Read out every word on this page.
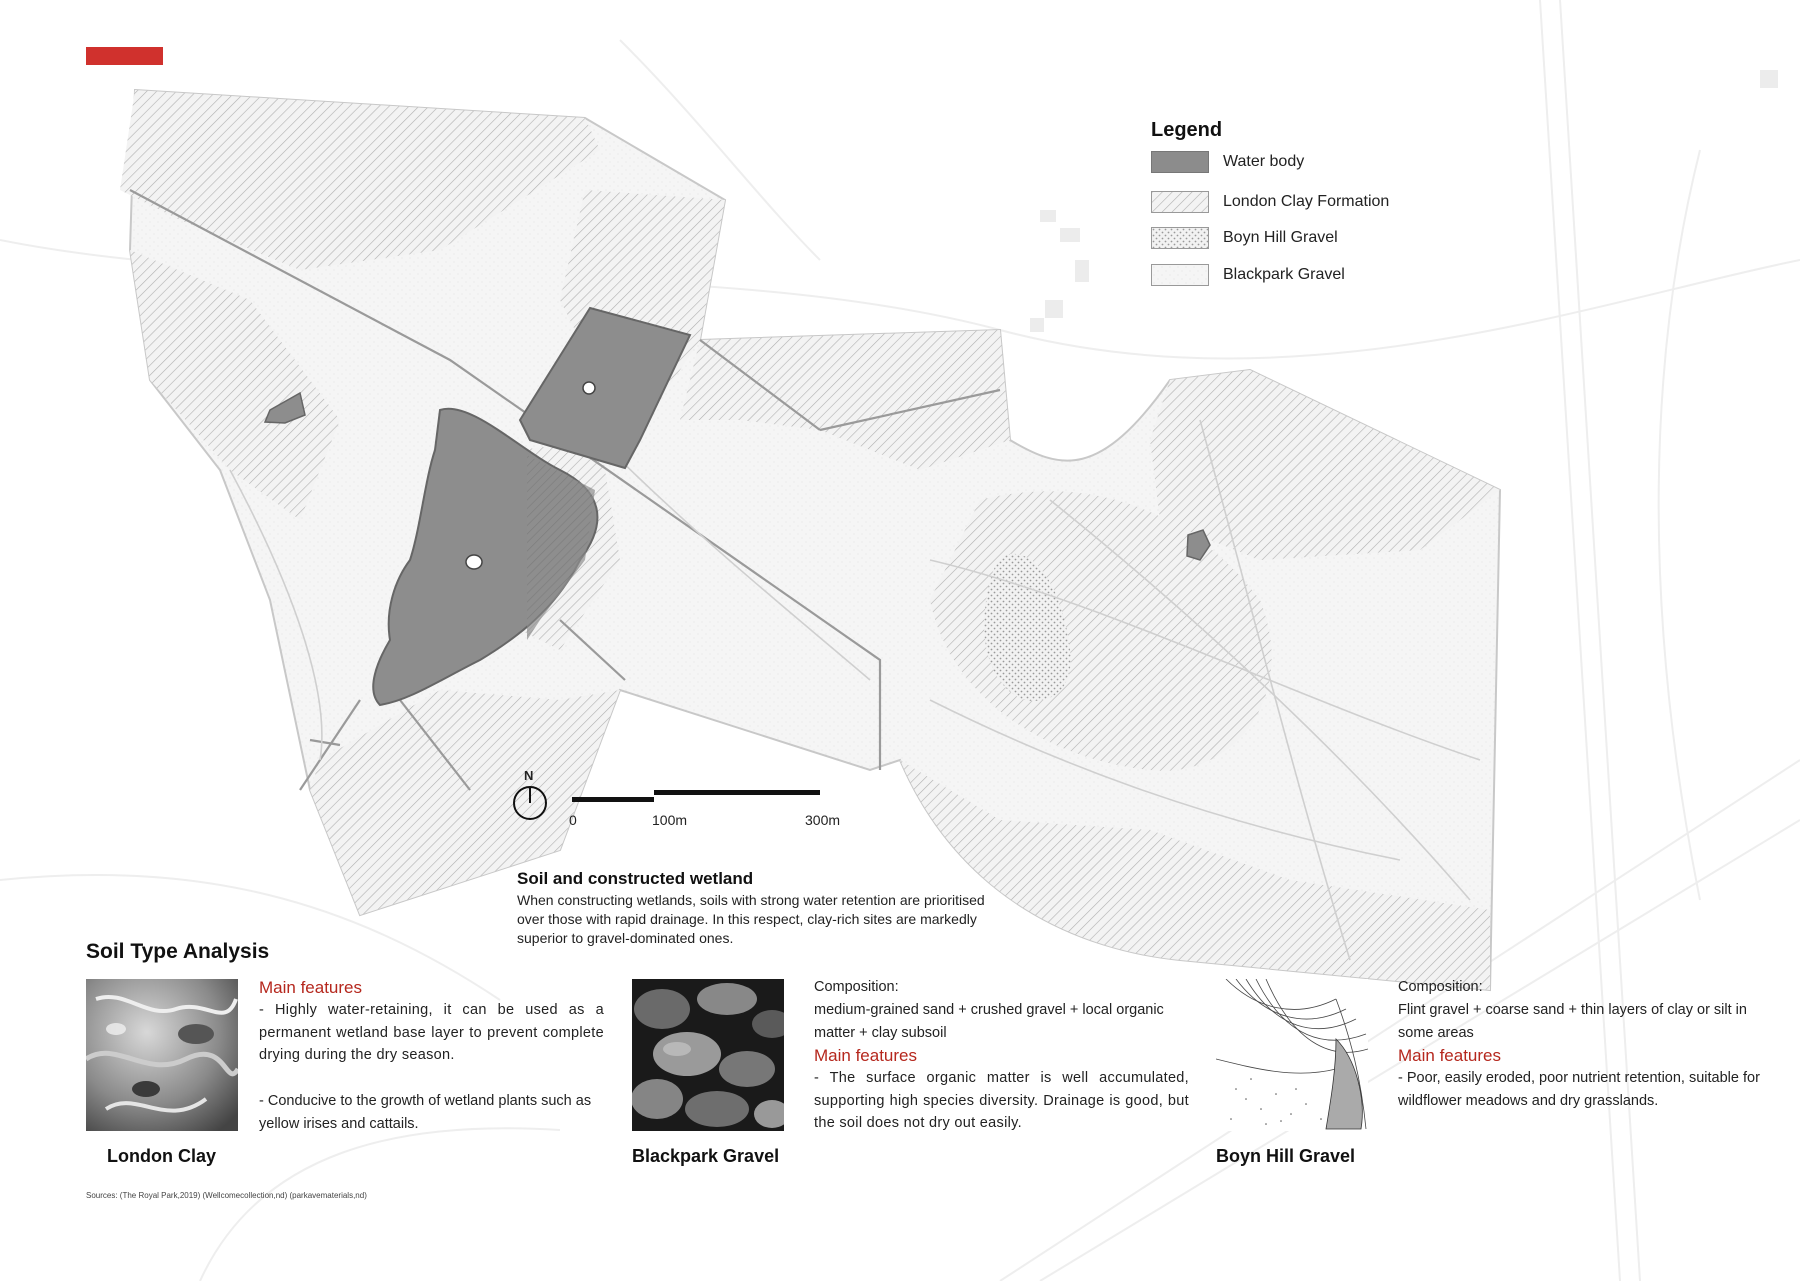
Legend
Water body
London Clay Formation
Boyn Hill Gravel
Blackpark Gravel
N
0	100m	300m
Soil and constructed wetland
When constructing wetlands, soils with strong water retention are prioritised over those with rapid drainage. In this respect, clay-rich sites are markedly superior to gravel-dominated ones.
Soil Type Analysis
London Clay
Main features
- Highly water-retaining, it can be used as a permanent wetland base layer to prevent complete drying during the dry season.
- Conducive to the growth of wetland plants such as yellow irises and cattails.
Blackpark Gravel
Composition:
medium-grained sand + crushed gravel + local organic matter + clay subsoil
Main features
- The surface organic matter is well accumulated, supporting high species diversity. Drainage is good, but the soil does not dry out easily.
Boyn Hill Gravel
Composition:
Flint gravel + coarse sand + thin layers of clay or silt in some areas
Main features
- Poor, easily eroded, poor nutrient retention, suitable for wildflower meadows and dry grasslands.
Sources: (The Royal Park,2019) (Wellcomecollection,nd) (parkavematerials,nd)
